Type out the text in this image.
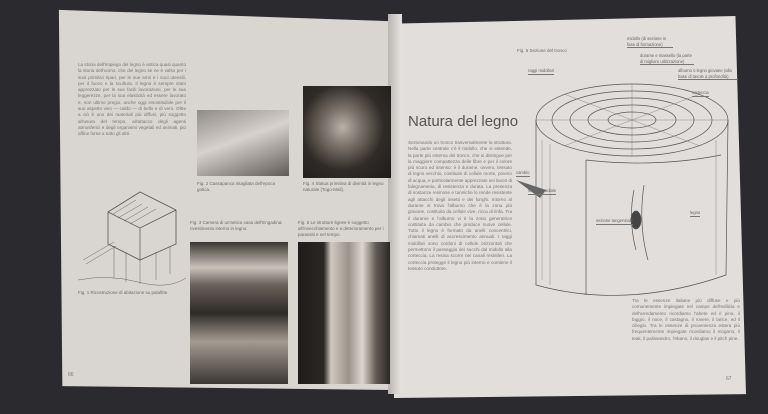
La storia dell'impiego del legno è antica quasi quanto la storia dell'uomo, che del legno se ne è valso per i suoi primitivi ripari, per le sue armi e i suoi utensili, per il fuoco e la scultura. Il legno è sempre stato apprezzato per le sue facili lavorazioni, per le sue leggerezze, per la sua elasticità ed essere lavorato e, non ultimo pregio, anche oggi insostituibile per il suo aspetto vivo — caldo — di bello e di vero. Oltre a ciò è uno dei materiali più diffusi, più soggetto all'usura del tempo, all'attacco degli agenti atmosferici e degli organismi vegetali ed animali, più affine forse a tutto gli altri.
Fig. 2 Cassapanca intagliata dell'epoca gotica.
Fig. 4 Statua primitiva di divinità in legno naturale (Togo-Mali).
Fig. 1 Ricostruzione di abitazione su palafitte.
Fig. 3 Camera di un'antica casa dell'Engadina: rivestimento interno in legno.
Fig. 5 Le strutture lignee è soggetto all'invecchiamento e a deterioramento per i parassiti e nel tempo.
66
Fig. 6 Sezione del tronco
Natura del legno
Sezionando un tronco trasversalmente la struttura. Nella parte centrale c'è il midollo, che si estende, la parte più esterna del tronco, che si distingue per la maggiore compattezza delle fibre e per il colore più scuro ed intenso: è il durame, ovvero, tessuto di legno vecchio, costituito di cellule morte, povero di acqua, e particolarmente apprezzato nei lavori di falegnameria, di resistenza e durata. La presenza di sostanze resinose e tanniche lo rende resistente agli attacchi degli insetti e dei funghi. Intorno al durame si trova l'alburno che è la zona più giovane, costituita da cellule vive, ricca di linfa. Tra il durame e l'alburno vi è la zona generatrice costituita da cambio che produce nuove cellule. Tutto il legno è formato da anelli concentrici, chiamati anelli di accrescimento annuali. I raggi midollari sono cordoni di cellule orizzontali che permettono il passaggio dei succhi dal midollo alla corteccia. La resina scorre nei canali resiniferi. La corteccia protegge il legno più interno e contiene il tessuto conduttore.
raggi midollari
midollo (di sezione in fase di formazione)
durame e massello (la parte di migliore utilizzazione)
alburno o legno giovane (alla base di tavole a profondità)
corteccia
cambio
sezione radiale
sezione tangenziale
legno
Tra le essenze italiane più diffuse e più comunemente impiegate nel campo dell'edilizia e dell'arredamento ricordiamo l'abete ed il pino, il faggio, il noce, il castagno, il rovere, il larice, ed il ciliegio. Tra le essenze di provenienza estera più frequentemente impiegate ricordiamo il mogano, il teak, il palissandro, l'ebano, il douglas e il pitch pine.
67
